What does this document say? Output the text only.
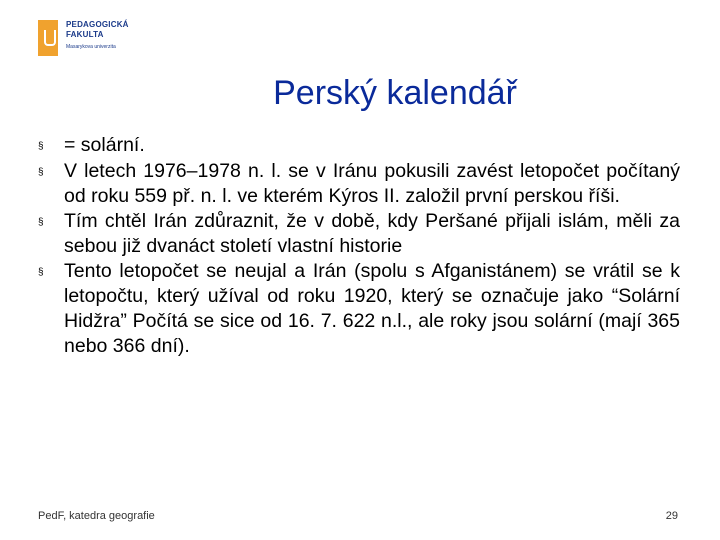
PEDAGOGICKÁ
FAKULTA
Masarykova univerzita
Perský kalendář
§	= solární.
§	V letech 1976–1978 n. l. se v Iránu pokusili zavést letopočet počítaný od roku 559 př. n. l. ve kterém Kýros II. založil první perskou říši.
§	Tím chtěl Irán zdůraznit, že v době, kdy Peršané přijali islám, měli za sebou již dvanáct století vlastní historie
§	Tento letopočet se neujal a Irán (spolu s Afganistánem) se vrátil se k letopočtu, který užíval od roku 1920, který se označuje jako “Solární Hidžra” Počítá se sice od 16. 7. 622 n.l., ale roky jsou solární (mají 365 nebo 366 dní).
PedF, katedra geografie	29
